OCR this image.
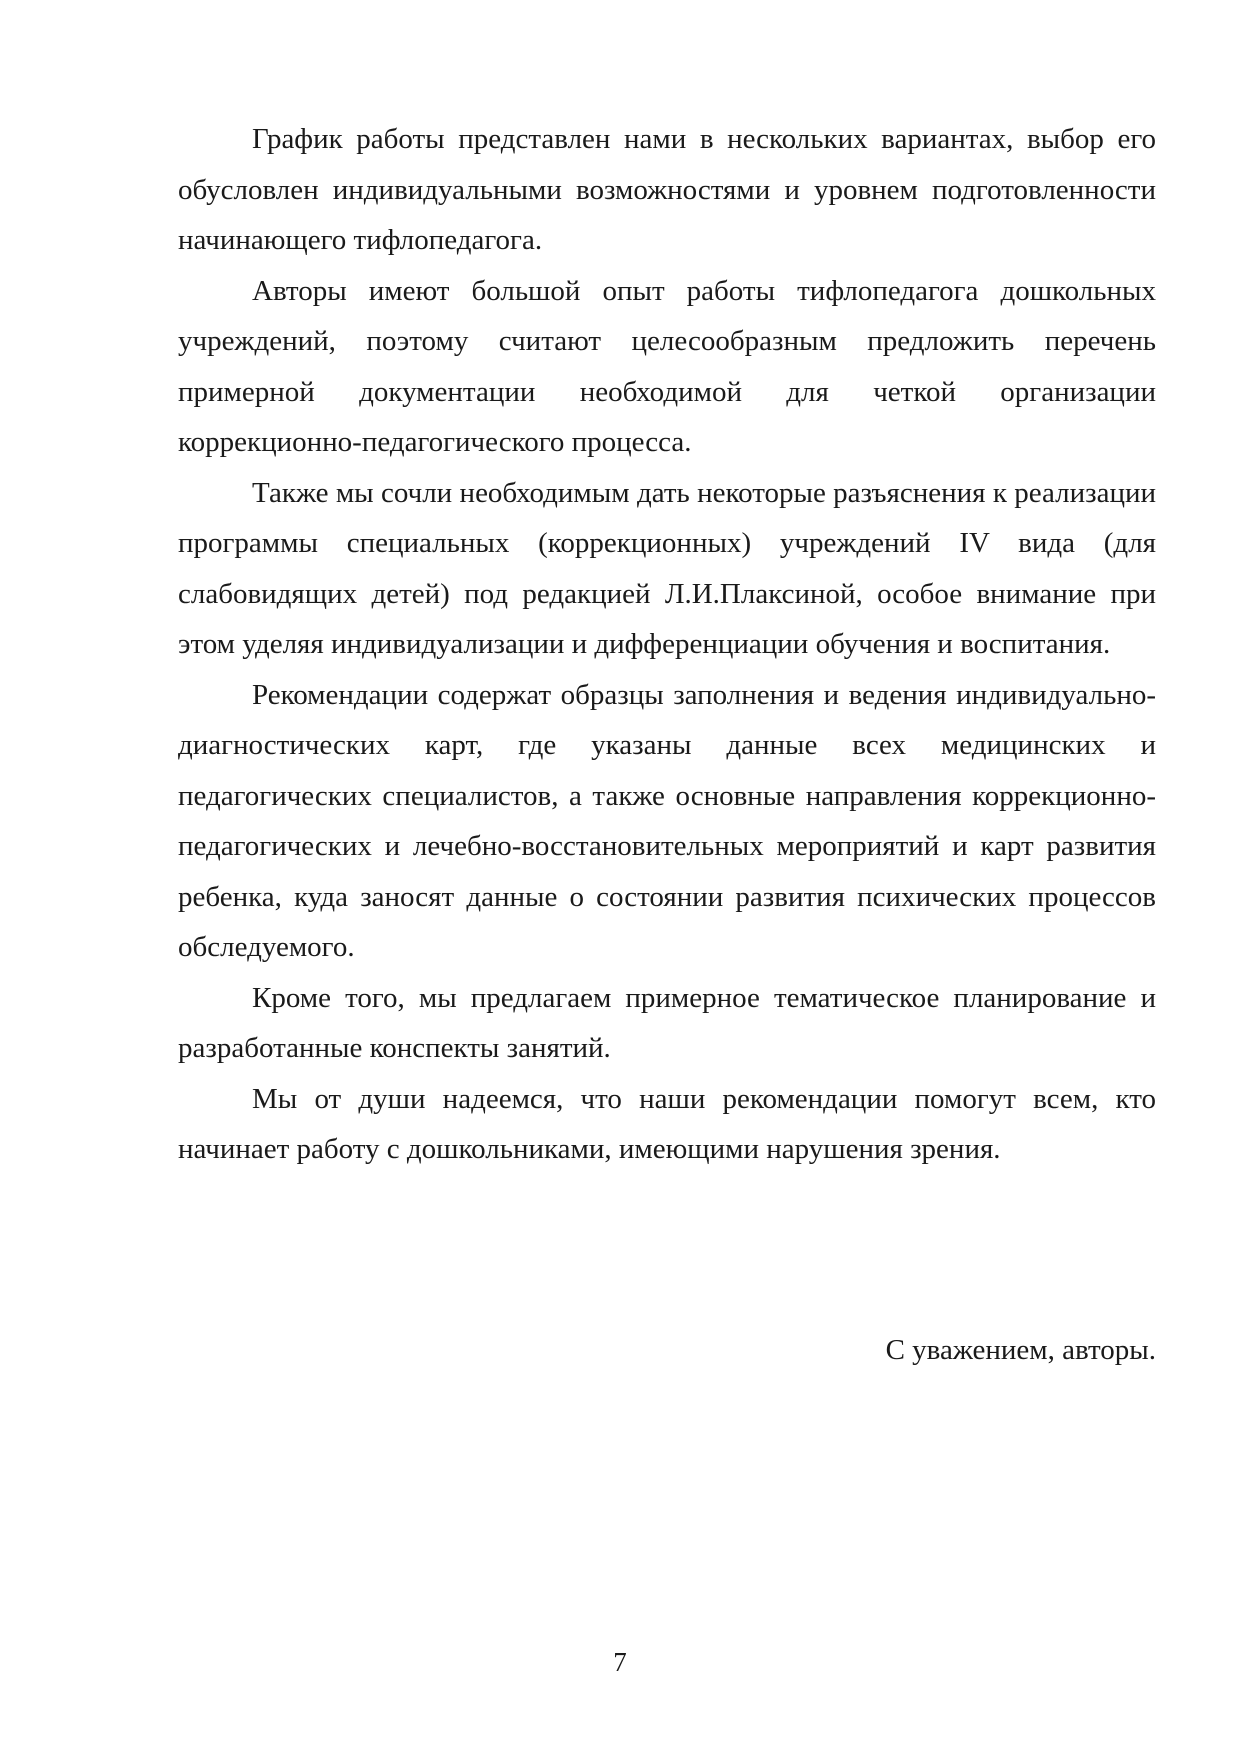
График работы представлен нами в нескольких вариантах, выбор его обусловлен индивидуальными возможностями и уровнем подготовленности начинающего тифлопедагога.

Авторы имеют большой опыт работы тифлопедагога дошкольных учреждений, поэтому считают целесообразным предложить перечень примерной документации необходимой для четкой организации коррекционно-педагогического процесса.

Также мы сочли необходимым дать некоторые разъяснения к реализации программы специальных (коррекционных) учреждений IV вида (для слабовидящих детей) под редакцией Л.И.Плаксиной, особое внимание при этом уделяя индивидуализации и дифференциации обучения и воспитания.

Рекомендации содержат образцы заполнения и ведения индивидуально-диагностических карт, где указаны данные всех медицинских и педагогических специалистов, а также основные направления коррекционно-педагогических и лечебно-восстановительных мероприятий и карт развития ребенка, куда заносят данные о состоянии развития психических процессов обследуемого.

Кроме того, мы предлагаем примерное тематическое планирование и разработанные конспекты занятий.

Мы от души надеемся, что наши рекомендации помогут всем, кто начинает работу с дошкольниками, имеющими нарушения зрения.

С уважением, авторы.
7
